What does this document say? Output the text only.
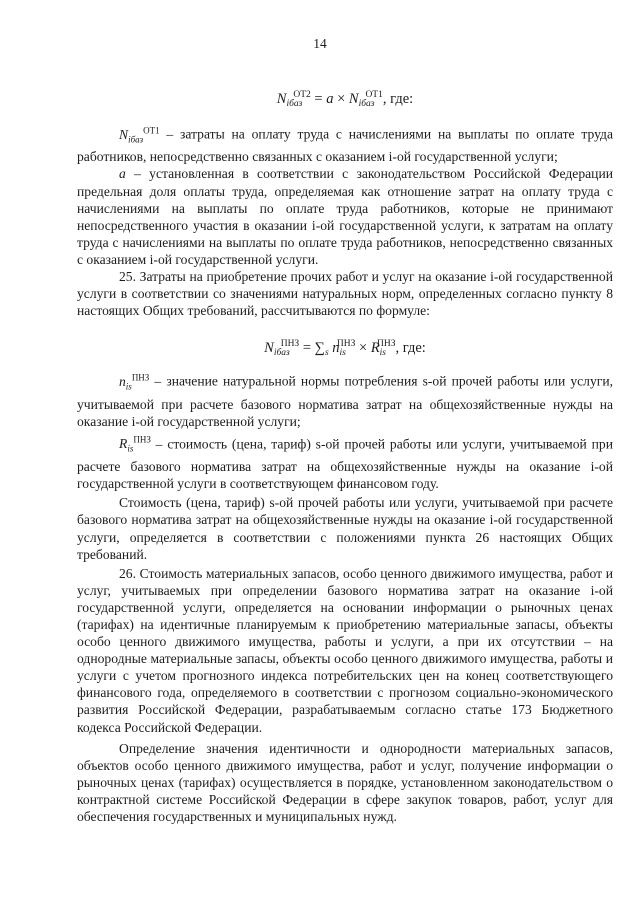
14
$N_{iбаз}^{ОТ2} = a \times N_{iбаз}^{ОТ1}$, где:

$N_{iбаз}^{ОТ1}$ – затраты на оплату труда с начислениями на выплаты по оплате труда работников, непосредственно связанных с оказанием i-ой государственной услуги;

a – установленная в соответствии с законодательством Российской Федерации предельная доля оплаты труда, определяемая как отношение затрат на оплату труда с начислениями на выплаты по оплате труда работников, которые не принимают непосредственного участия в оказании i-ой государственной услуги, к затратам на оплату труда с начислениями на выплаты по оплате труда работников, непосредственно связанных с оказанием i-ой государственной услуги.

25. Затраты на приобретение прочих работ и услуг на оказание i-ой государственной услуги в соответствии со значениями натуральных норм, определенных согласно пункту 8 настоящих Общих требований, рассчитываются по формуле:

$N_{iбаз}^{ПНЗ} = \sum_s$ $n_{is}^{ПНЗ} \times R_{is}^{ПНЗ}$, где:

$n_{is}^{ПНЗ}$ – значение натуральной нормы потребления s-ой прочей работы или услуги, учитываемой при расчете базового норматива затрат на общехозяйственные нужды на оказание i-ой государственной услуги;

$R_{is}^{ПНЗ}$ – стоимость (цена, тариф) s-ой прочей работы или услуги, учитываемой при расчете базового норматива затрат на общехозяйственные нужды на оказание i-ой государственной услуги в соответствующем финансовом году.

Стоимость (цена, тариф) s-ой прочей работы или услуги, учитываемой при расчете базового норматива затрат на общехозяйственные нужды на оказание i-ой государственной услуги, определяется в соответствии с положениями пункта 26 настоящих Общих требований.

26. Стоимость материальных запасов, особо ценного движимого имущества, работ и услуг, учитываемых при определении базового норматива затрат на оказание i-ой государственной услуги, определяется на основании информации о рыночных ценах (тарифах) на идентичные планируемым к приобретению материальные запасы, объекты особо ценного движимого имущества, работы и услуги, а при их отсутствии – на однородные материальные запасы, объекты особо ценного движимого имущества, работы и услуги с учетом прогнозного индекса потребительских цен на конец соответствующего финансового года, определяемого в соответствии с прогнозом социально-экономического развития Российской Федерации, разрабатываемым согласно статье 173 Бюджетного кодекса Российской Федерации.

Определение значения идентичности и однородности материальных запасов, объектов особо ценного движимого имущества, работ и услуг, получение информации о рыночных ценах (тарифах) осуществляется в порядке, установленном законодательством о контрактной системе Российской Федерации в сфере закупок товаров, работ, услуг для обеспечения государственных и муниципальных нужд.
